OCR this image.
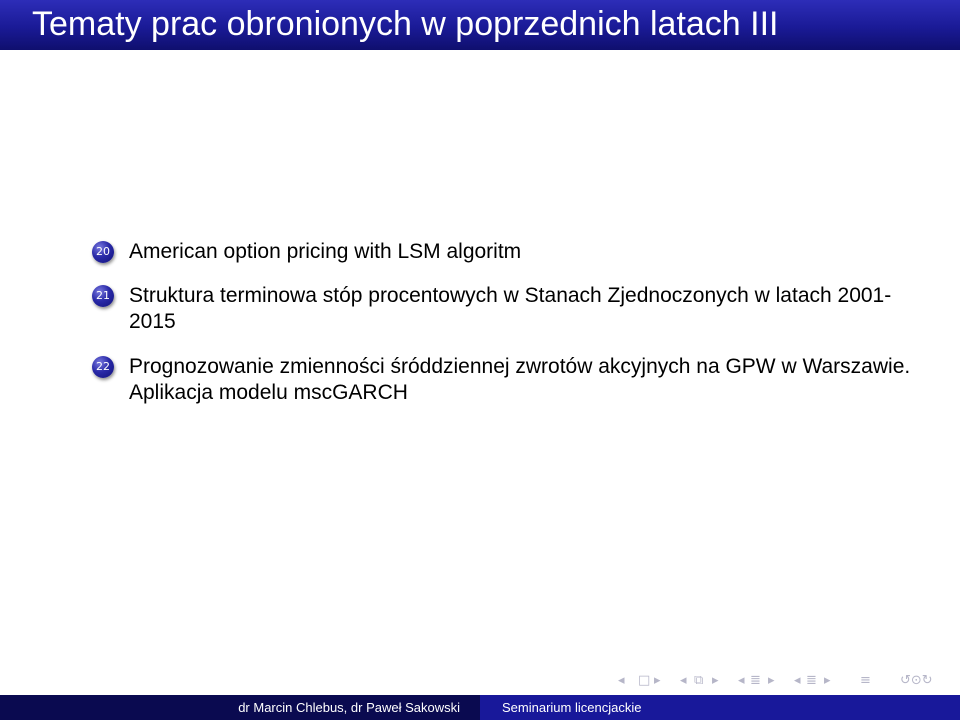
Tematy prac obronionych w poprzednich latach III
20 American option pricing with LSM algoritm
21 Struktura terminowa stóp procentowych w Stanach Zjednoczonych w latach 2001-2015
22 Prognozowanie zmienności śróddziennej zwrotów akcyjnych na GPW w Warszawie. Aplikacja modelu mscGARCH
◂ □ ▸ ◂ ⧉ ▸ ◂ ≣ ▸ ◂ ≣ ▸ ≡ ↺⊙↻
dr Marcin Chlebus, dr Paweł Sakowski	Seminarium licencjackie
